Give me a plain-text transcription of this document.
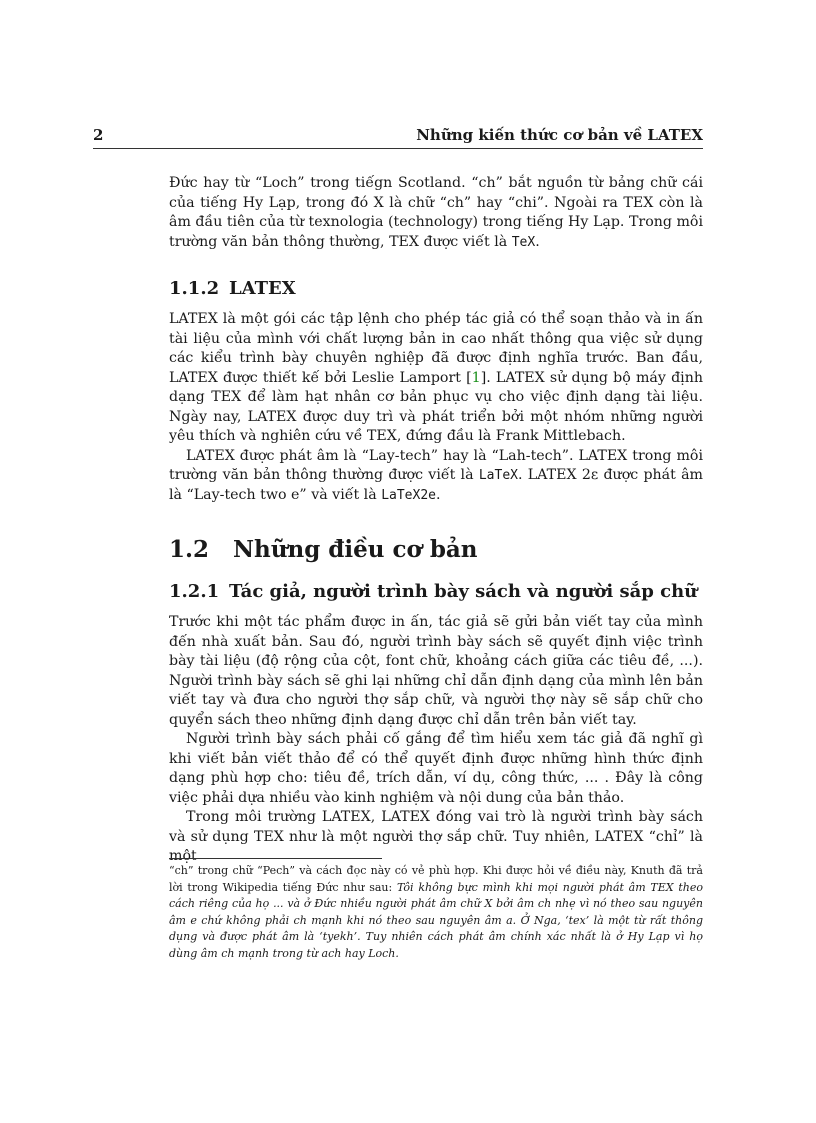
2	Những kiến thức cơ bản về LATEX

Đức hay từ “Loch” trong tiếgn Scotland. “ch” bắt nguồn từ bảng chữ cái của tiếng Hy Lạp, trong đó X là chữ “ch” hay “chi”. Ngoài ra TEX còn là âm đầu tiên của từ texnologia (technology) trong tiếng Hy Lạp. Trong môi trường văn bản thông thường, TEX được viết là TeX.

1.1.2 LATEX

LATEX là một gói các tập lệnh cho phép tác giả có thể soạn thảo và in ấn tài liệu của mình với chất lượng bản in cao nhất thông qua việc sử dụng các kiểu trình bày chuyên nghiệp đã được định nghĩa trước. Ban đầu, LATEX được thiết kế bởi Leslie Lamport [1]. LATEX sử dụng bộ máy định dạng TEX để làm hạt nhân cơ bản phục vụ cho việc định dạng tài liệu. Ngày nay, LATEX được duy trì và phát triển bởi một nhóm những người yêu thích và nghiên cứu về TEX, đứng đầu là Frank Mittlebach.

LATEX được phát âm là “Lay-tech” hay là “Lah-tech”. LATEX trong môi trường văn bản thông thường được viết là LaTeX. LATEX 2ε được phát âm là “Lay-tech two e” và viết là LaTeX2e.

1.2 Những điều cơ bản
1.2.1 Tác giả, người trình bày sách và người sắp chữ

Trước khi một tác phẩm được in ấn, tác giả sẽ gửi bản viết tay của mình đến nhà xuất bản. Sau đó, người trình bày sách sẽ quyết định việc trình bày tài liệu (độ rộng của cột, font chữ, khoảng cách giữa các tiêu đề, ...). Người trình bày sách sẽ ghi lại những chỉ dẫn định dạng của mình lên bản viết tay và đưa cho người thợ sắp chữ, và người thợ này sẽ sắp chữ cho quyển sách theo những định dạng được chỉ dẫn trên bản viết tay.

Người trình bày sách phải cố gắng để tìm hiểu xem tác giả đã nghĩ gì khi viết bản viết thảo để có thể quyết định được những hình thức định dạng phù hợp cho: tiêu đề, trích dẫn, ví dụ, công thức, ... . Đây là công việc phải dựa nhiều vào kinh nghiệm và nội dung của bản thảo.

Trong môi trường LATEX, LATEX đóng vai trò là người trình bày sách và sử dụng TEX như là một người thợ sắp chữ. Tuy nhiên, LATEX “chỉ” là một

“ch” trong chữ “Pech” và cách đọc này có vẻ phù hợp. Khi được hỏi về điều này, Knuth đã trả lời trong Wikipedia tiếng Đức như sau: Tôi không bực mình khi mọi người phát âm TEX theo cách riêng của họ ... và ở Đức nhiều người phát âm chữ X bởi âm ch nhẹ vì nó theo sau nguyên âm e chứ không phải ch mạnh khi nó theo sau nguyên âm a. Ở Nga, ‘tex’ là một từ rất thông dụng và được phát âm là ‘tyekh’. Tuy nhiên cách phát âm chính xác nhất là ở Hy Lạp vì họ dùng âm ch mạnh trong từ ach hay Loch.
